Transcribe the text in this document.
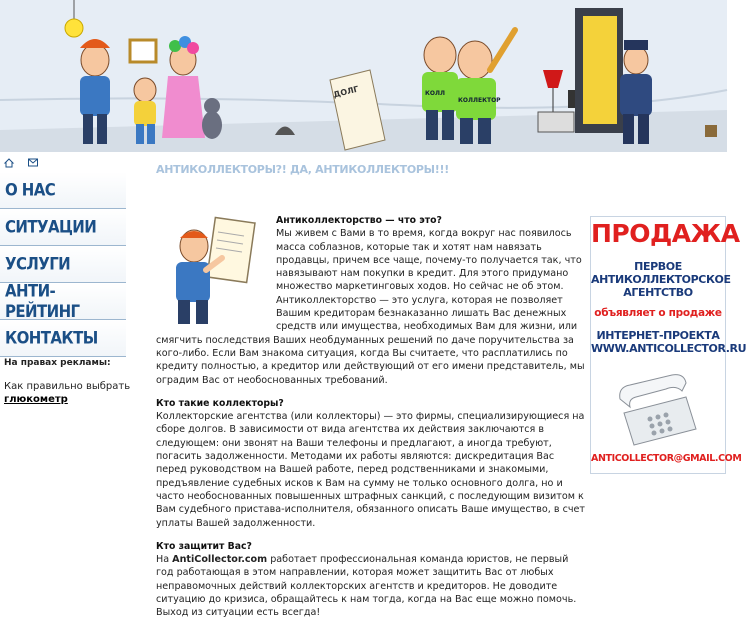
ДОЛГ	КОЛЛ
КОЛЛЕКТОР
О НАС
СИТУАЦИИ
УСЛУГИ
АНТИ-РЕЙТИНГ
КОНТАКТЫ
На правах рекламы:
Как правильно выбрать
глюкометр
АНТИКОЛЛЕКТОРЫ?! ДА, АНТИКОЛЛЕКТОРЫ!!!

Антиколлекторство — что это?
Мы живем с Вами в то время, когда вокруг нас появилось масса соблазнов, которые так и хотят нам навязать продавцы, причем все чаще, почему-то получается так, что навязывают нам покупки в кредит. Для этого придумано множество маркетинговых ходов. Но сейчас не об этом. Антиколлекторство — это услуга, которая не позволяет Вашим кредиторам безнаказанно лишать Вас денежных средств или имущества, необходимых Вам для жизни, или смягчить последствия Ваших необдуманных решений по даче поручительства за кого-либо. Если Вам знакома ситуация, когда Вы считаете, что расплатились по кредиту полностью, а кредитор или действующий от его имени представитель, мы оградим Вас от необоснованных требований.

Кто такие коллекторы?

Коллекторские агентства (или коллекторы) — это фирмы, специализирующиеся на сборе долгов. В зависимости от вида агентства их действия заключаются в следующем: они звонят на Ваши телефоны и предлагают, а иногда требуют, погасить задолженности. Методами их работы являются: дискредитация Вас перед руководством на Вашей работе, перед родственниками и знакомыми, предъявление судебных исков к Вам на сумму не только основного долга, но и часто необоснованных повышенных штрафных санкций, с последующим визитом к Вам судебного пристава-исполнителя, обязанного описать Ваше имущество, в счет уплаты Вашей задолженности.

Кто защитит Вас?

На AntiCollector.com работает профессиональная команда юристов, не первый год работающая в этом направлении, которая может защитить Вас от любых неправомочных действий коллекторских агентств и кредиторов. Не доводите ситуацию до кризиса, обращайтесь к нам тогда, когда на Вас еще можно помочь. Выход из ситуации есть всегда!

ПРОДАЖА
ПЕРВОЕ АНТИКОЛЛЕКТОРСКОЕ АГЕНТСТВО
объявляет о продаже
ИНТЕРНЕТ-ПРОЕКТА WWW.ANTICOLLECTOR.RU
ANTICOLLECTOR@GMAIL.COM
